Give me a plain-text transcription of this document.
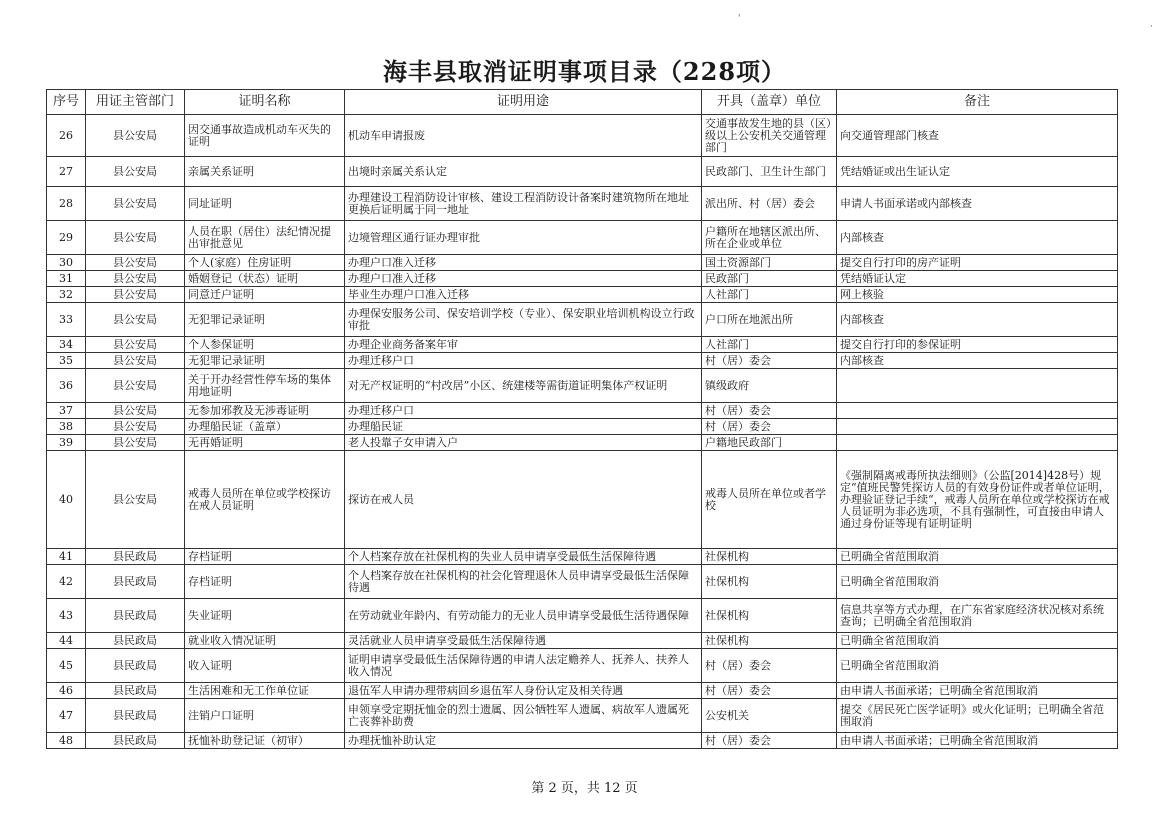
'
·
海丰县取消证明事项目录（228项）
序号	用证主管部门	证明名称	证明用途	开具（盖章）单位	备注

26	县公安局	因交通事故造成机动车灭失的证明	机动车申请报废	交通事故发生地的县（区）级以上公安机关交通管理部门	向交通管理部门核查

27	县公安局	亲属关系证明	出境时亲属关系认定	民政部门、卫生计生部门	凭结婚证或出生证认定

28	县公安局	同址证明	办理建设工程消防设计审核、建设工程消防设计备案时建筑物所在地址更换后证明属于同一地址	派出所、村（居）委会	申请人书面承诺或内部核查

29	县公安局	人员在职（居住）法纪情况提出审批意见	边境管理区通行证办理审批	户籍所在地辖区派出所、所在企业或单位	内部核查

30	县公安局	个人(家庭）住房证明	办理户口准入迁移	国土资源部门	提交自行打印的房产证明

31	县公安局	婚姻登记（状态）证明	办理户口准入迁移	民政部门	凭结婚证认定

32	县公安局	同意迁户证明	毕业生办理户口准入迁移	人社部门	网上核验

33	县公安局	无犯罪记录证明	办理保安服务公司、保安培训学校（专业）、保安职业培训机构设立行政审批	户口所在地派出所	内部核查

34	县公安局	个人参保证明	办理企业商务备案年审	人社部门	提交自行打印的参保证明

35	县公安局	无犯罪记录证明	办理迁移户口	村（居）委会	内部核查

36	县公安局	关于开办经营性停车场的集体用地证明	对无产权证明的“村改居”小区、统建楼等需街道证明集体产权证明	镇级政府	

37	县公安局	无参加邪教及无涉毒证明	办理迁移户口	村（居）委会	

38	县公安局	办理船民证（盖章）	办理船民证	村（居）委会	

39	县公安局	无再婚证明	老人投靠子女申请入户	户籍地民政部门	

40	县公安局	戒毒人员所在单位或学校探访在戒人员证明	探访在戒人员	戒毒人员所在单位或者学校	《强制隔离戒毒所执法细则》（公监[2014]428号）规定“值班民警凭探访人员的有效身份证件或者单位证明，办理验证登记手续“，戒毒人员所在单位或学校探访在戒人员证明为非必选项，不具有强制性，可直接由申请人通过身份证等现有证明证明

41	县民政局	存档证明	个人档案存放在社保机构的失业人员申请享受最低生活保障待遇	社保机构	已明确全省范围取消

42	县民政局	存档证明	个人档案存放在社保机构的社会化管理退休人员申请享受最低生活保障待遇	社保机构	已明确全省范围取消

43	县民政局	失业证明	在劳动就业年龄内、有劳动能力的无业人员申请享受最低生活待遇保障	社保机构	信息共享等方式办理，在广东省家庭经济状况核对系统查询；已明确全省范围取消

44	县民政局	就业收入情况证明	灵活就业人员申请享受最低生活保障待遇	社保机构	已明确全省范围取消

45	县民政局	收入证明	证明申请享受最低生活保障待遇的申请人法定赡养人、抚养人、扶养人收入情况	村（居）委会	已明确全省范围取消

46	县民政局	生活困难和无工作单位证	退伍军人申请办理带病回乡退伍军人身份认定及相关待遇	村（居）委会	由申请人书面承诺；已明确全省范围取消

47	县民政局	注销户口证明	申领享受定期抚恤金的烈士遗属、因公牺牲军人遗属、病故军人遗属死亡丧葬补助费	公安机关	提交《居民死亡医学证明》或火化证明；已明确全省范围取消

48	县民政局	抚恤补助登记证（初审）	办理抚恤补助认定	村（居）委会	由申请人书面承诺；已明确全省范围取消
第 2 页，共 12 页
